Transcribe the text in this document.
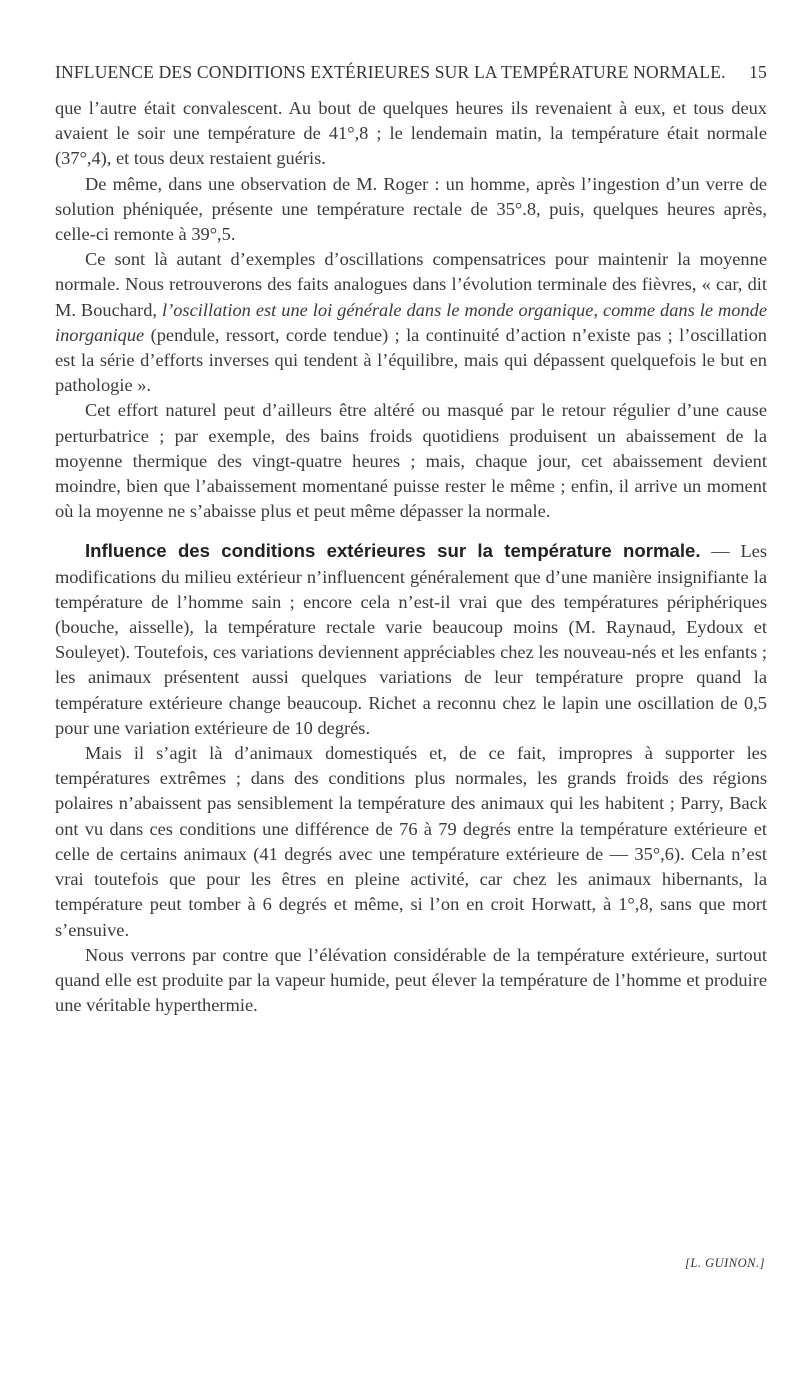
INFLUENCE DES CONDITIONS EXTÉRIEURES SUR LA TEMPÉRATURE NORMALE. 15

que l’autre était convalescent. Au bout de quelques heures ils revenaient à eux, et tous deux avaient le soir une température de 41°,8 ; le lendemain matin, la température était normale (37°,4), et tous deux restaient guéris.

De même, dans une observation de M. Roger : un homme, après l’ingestion d’un verre de solution phéniquée, présente une température rectale de 35°.8, puis, quelques heures après, celle-ci remonte à 39°,5.

Ce sont là autant d’exemples d’oscillations compensatrices pour maintenir la moyenne normale. Nous retrouverons des faits analogues dans l’évolution terminale des fièvres, « car, dit M. Bouchard, l’oscillation est une loi générale dans le monde organique, comme dans le monde inorganique (pendule, ressort, corde tendue) ; la continuité d’action n’existe pas ; l’oscillation est la série d’efforts inverses qui tendent à l’équilibre, mais qui dépassent quelquefois le but en pathologie ».

Cet effort naturel peut d’ailleurs être altéré ou masqué par le retour régulier d’une cause perturbatrice ; par exemple, des bains froids quotidiens produisent un abaissement de la moyenne thermique des vingt-quatre heures ; mais, chaque jour, cet abaissement devient moindre, bien que l’abaissement momentané puisse rester le même ; enfin, il arrive un moment où la moyenne ne s’abaisse plus et peut même dépasser la normale.

Influence des conditions extérieures sur la température normale. — Les modifications du milieu extérieur n’influencent généralement que d’une manière insignifiante la température de l’homme sain ; encore cela n’est-il vrai que des températures périphériques (bouche, aisselle), la température rectale varie beaucoup moins (M. Raynaud, Eydoux et Souleyet). Toutefois, ces variations deviennent appréciables chez les nouveau-nés et les enfants ; les animaux présentent aussi quelques variations de leur température propre quand la température extérieure change beaucoup. Richet a reconnu chez le lapin une oscillation de 0,5 pour une variation extérieure de 10 degrés.

Mais il s’agit là d’animaux domestiqués et, de ce fait, impropres à supporter les températures extrêmes ; dans des conditions plus normales, les grands froids des régions polaires n’abaissent pas sensiblement la température des animaux qui les habitent ; Parry, Back ont vu dans ces conditions une différence de 76 à 79 degrés entre la température extérieure et celle de certains animaux (41 degrés avec une température extérieure de — 35°,6). Cela n’est vrai toutefois que pour les êtres en pleine activité, car chez les animaux hibernants, la température peut tomber à 6 degrés et même, si l’on en croit Horwatt, à 1°,8, sans que mort s’ensuive.

Nous verrons par contre que l’élévation considérable de la température extérieure, surtout quand elle est produite par la vapeur humide, peut élever la température de l’homme et produire une véritable hyperthermie.

[L. GUINON.]
